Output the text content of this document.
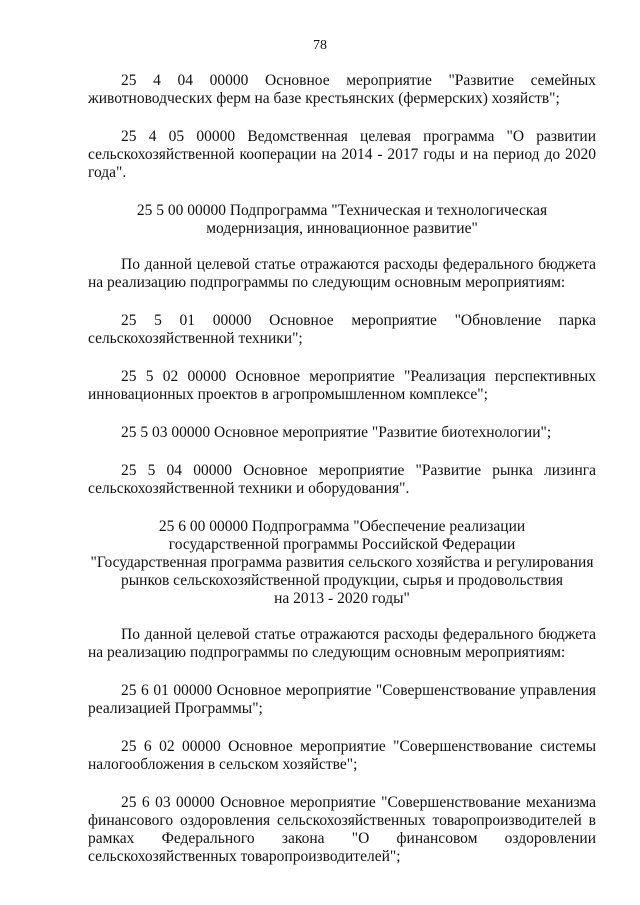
78

25 4 04 00000 Основное мероприятие "Развитие семейных животноводческих ферм на базе крестьянских (фермерских) хозяйств";

25 4 05 00000 Ведомственная целевая программа "О развитии сельскохозяйственной кооперации на 2014 - 2017 годы и на период до 2020 года".

25 5 00 00000 Подпрограмма "Техническая и технологическая
модернизация, инновационное развитие"

По данной целевой статье отражаются расходы федерального бюджета на реализацию подпрограммы по следующим основным мероприятиям:

25 5 01 00000 Основное мероприятие "Обновление парка сельскохозяйственной техники";

25 5 02 00000 Основное мероприятие "Реализация перспективных инновационных проектов в агропромышленном комплексе";

25 5 03 00000 Основное мероприятие "Развитие биотехнологии";

25 5 04 00000 Основное мероприятие "Развитие рынка лизинга сельскохозяйственной техники и оборудования".

25 6 00 00000 Подпрограмма "Обеспечение реализации
государственной программы Российской Федерации
"Государственная программа развития сельского хозяйства и регулирования
рынков сельскохозяйственной продукции, сырья и продовольствия
на 2013 - 2020 годы"

По данной целевой статье отражаются расходы федерального бюджета на реализацию подпрограммы по следующим основным мероприятиям:

25 6 01 00000 Основное мероприятие "Совершенствование управления реализацией Программы";

25 6 02 00000 Основное мероприятие "Совершенствование системы налогообложения в сельском хозяйстве";

25 6 03 00000 Основное мероприятие "Совершенствование механизма финансового оздоровления сельскохозяйственных товаропроизводителей в рамках Федерального закона "О финансовом оздоровлении сельскохозяйственных товаропроизводителей";
